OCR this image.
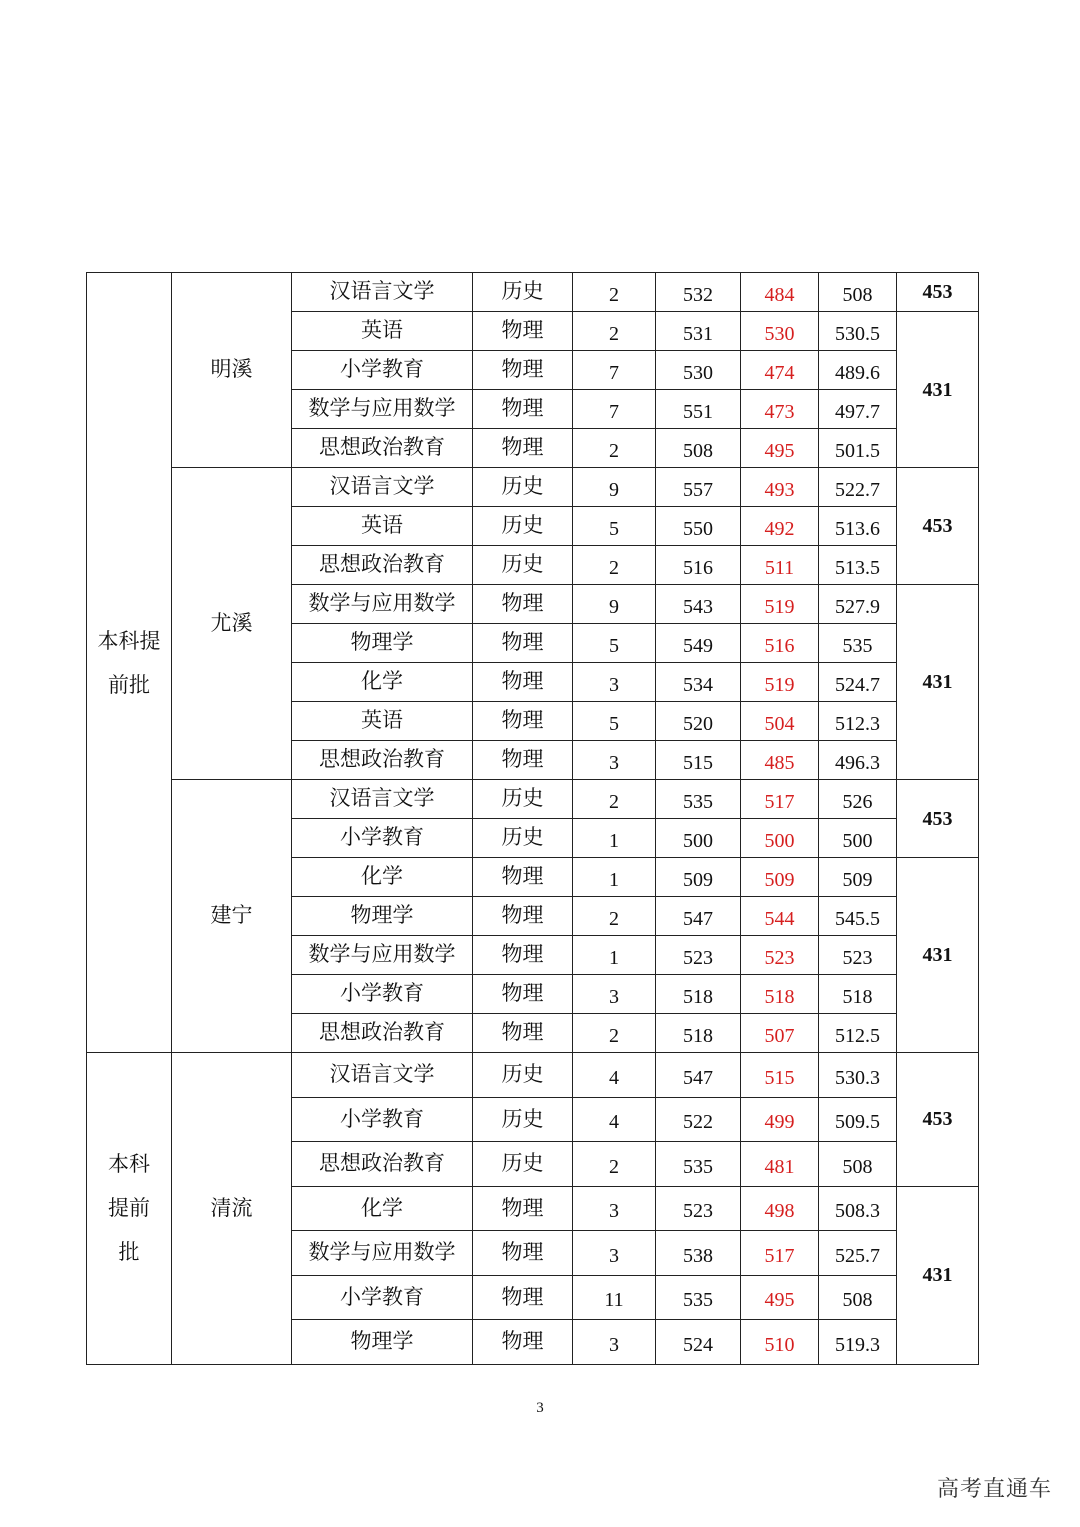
本科提前批	明溪	汉语言文学	历史	2	532	484	508	453
		英语	物理	2	531	530	530.5	431
		小学教育	物理	7	530	474	489.6	
		数学与应用数学	物理	7	551	473	497.7	
		思想政治教育	物理	2	508	495	501.5	
	尤溪	汉语言文学	历史	9	557	493	522.7	453
		英语	历史	5	550	492	513.6	
		思想政治教育	历史	2	516	511	513.5	
		数学与应用数学	物理	9	543	519	527.9	431
		物理学	物理	5	549	516	535	
		化学	物理	3	534	519	524.7	
		英语	物理	5	520	504	512.3	
		思想政治教育	物理	3	515	485	496.3	
	建宁	汉语言文学	历史	2	535	517	526	453
		小学教育	历史	1	500	500	500	
		化学	物理	1	509	509	509	431
		物理学	物理	2	547	544	545.5	
		数学与应用数学	物理	1	523	523	523	
		小学教育	物理	3	518	518	518	
		思想政治教育	物理	2	518	507	512.5	
本科提前批	清流	汉语言文学	历史	4	547	515	530.3	453
		小学教育	历史	4	522	499	509.5	
		思想政治教育	历史	2	535	481	508	
		化学	物理	3	523	498	508.3	431
		数学与应用数学	物理	3	538	517	525.7	
		小学教育	物理	11	535	495	508	
		物理学	物理	3	524	510	519.3	
3
高考直通车
